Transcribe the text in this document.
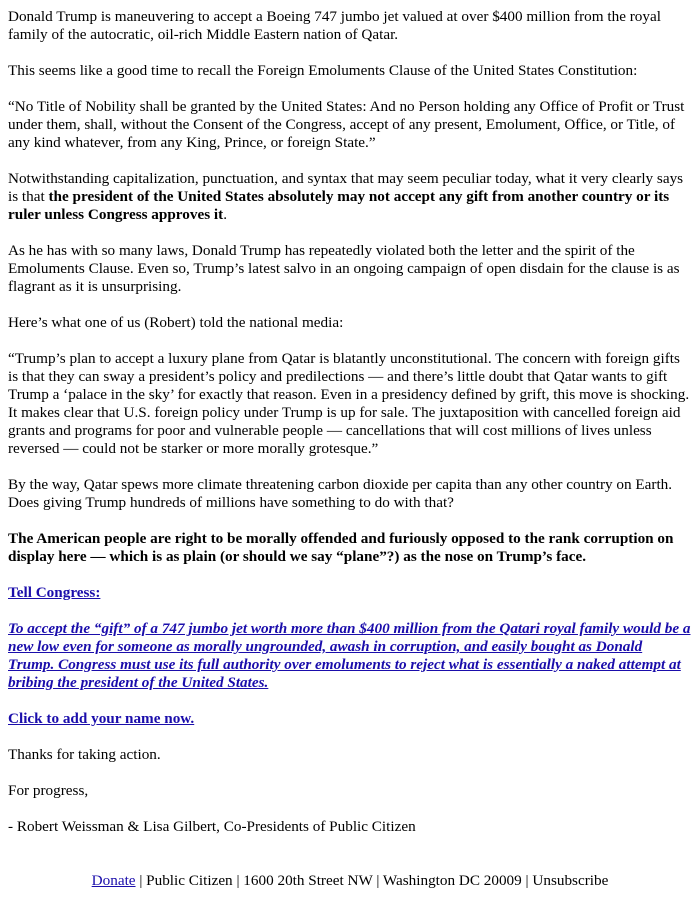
Donald Trump is maneuvering to accept a Boeing 747 jumbo jet valued at over $400 million from the royal family of the autocratic, oil-rich Middle Eastern nation of Qatar.

This seems like a good time to recall the Foreign Emoluments Clause of the United States Constitution:

“No Title of Nobility shall be granted by the United States: And no Person holding any Office of Profit or Trust under them, shall, without the Consent of the Congress, accept of any present, Emolument, Office, or Title, of any kind whatever, from any King, Prince, or foreign State.”

Notwithstanding capitalization, punctuation, and syntax that may seem peculiar today, what it very clearly says is that the president of the United States absolutely may not accept any gift from another country or its ruler unless Congress approves it.

As he has with so many laws, Donald Trump has repeatedly violated both the letter and the spirit of the Emoluments Clause. Even so, Trump’s latest salvo in an ongoing campaign of open disdain for the clause is as flagrant as it is unsurprising.

Here’s what one of us (Robert) told the national media:

“Trump’s plan to accept a luxury plane from Qatar is blatantly unconstitutional. The concern with foreign gifts is that they can sway a president’s policy and predilections — and there’s little doubt that Qatar wants to gift Trump a ‘palace in the sky’ for exactly that reason. Even in a presidency defined by grift, this move is shocking. It makes clear that U.S. foreign policy under Trump is up for sale. The juxtaposition with cancelled foreign aid grants and programs for poor and vulnerable people — cancellations that will cost millions of lives unless reversed — could not be starker or more morally grotesque.”

By the way, Qatar spews more climate threatening carbon dioxide per capita than any other country on Earth. Does giving Trump hundreds of millions have something to do with that?

The American people are right to be morally offended and furiously opposed to the rank corruption on display here — which is as plain (or should we say “plane”?) as the nose on Trump’s face.

Tell Congress:

To accept the “gift” of a 747 jumbo jet worth more than $400 million from the Qatari royal family would be a new low even for someone as morally ungrounded, awash in corruption, and easily bought as Donald Trump. Congress must use its full authority over emoluments to reject what is essentially a naked attempt at bribing the president of the United States.

Click to add your name now.

Thanks for taking action.

For progress,

- Robert Weissman & Lisa Gilbert, Co-Presidents of Public Citizen

Donate | Public Citizen | 1600 20th Street NW | Washington DC 20009 | Unsubscribe
